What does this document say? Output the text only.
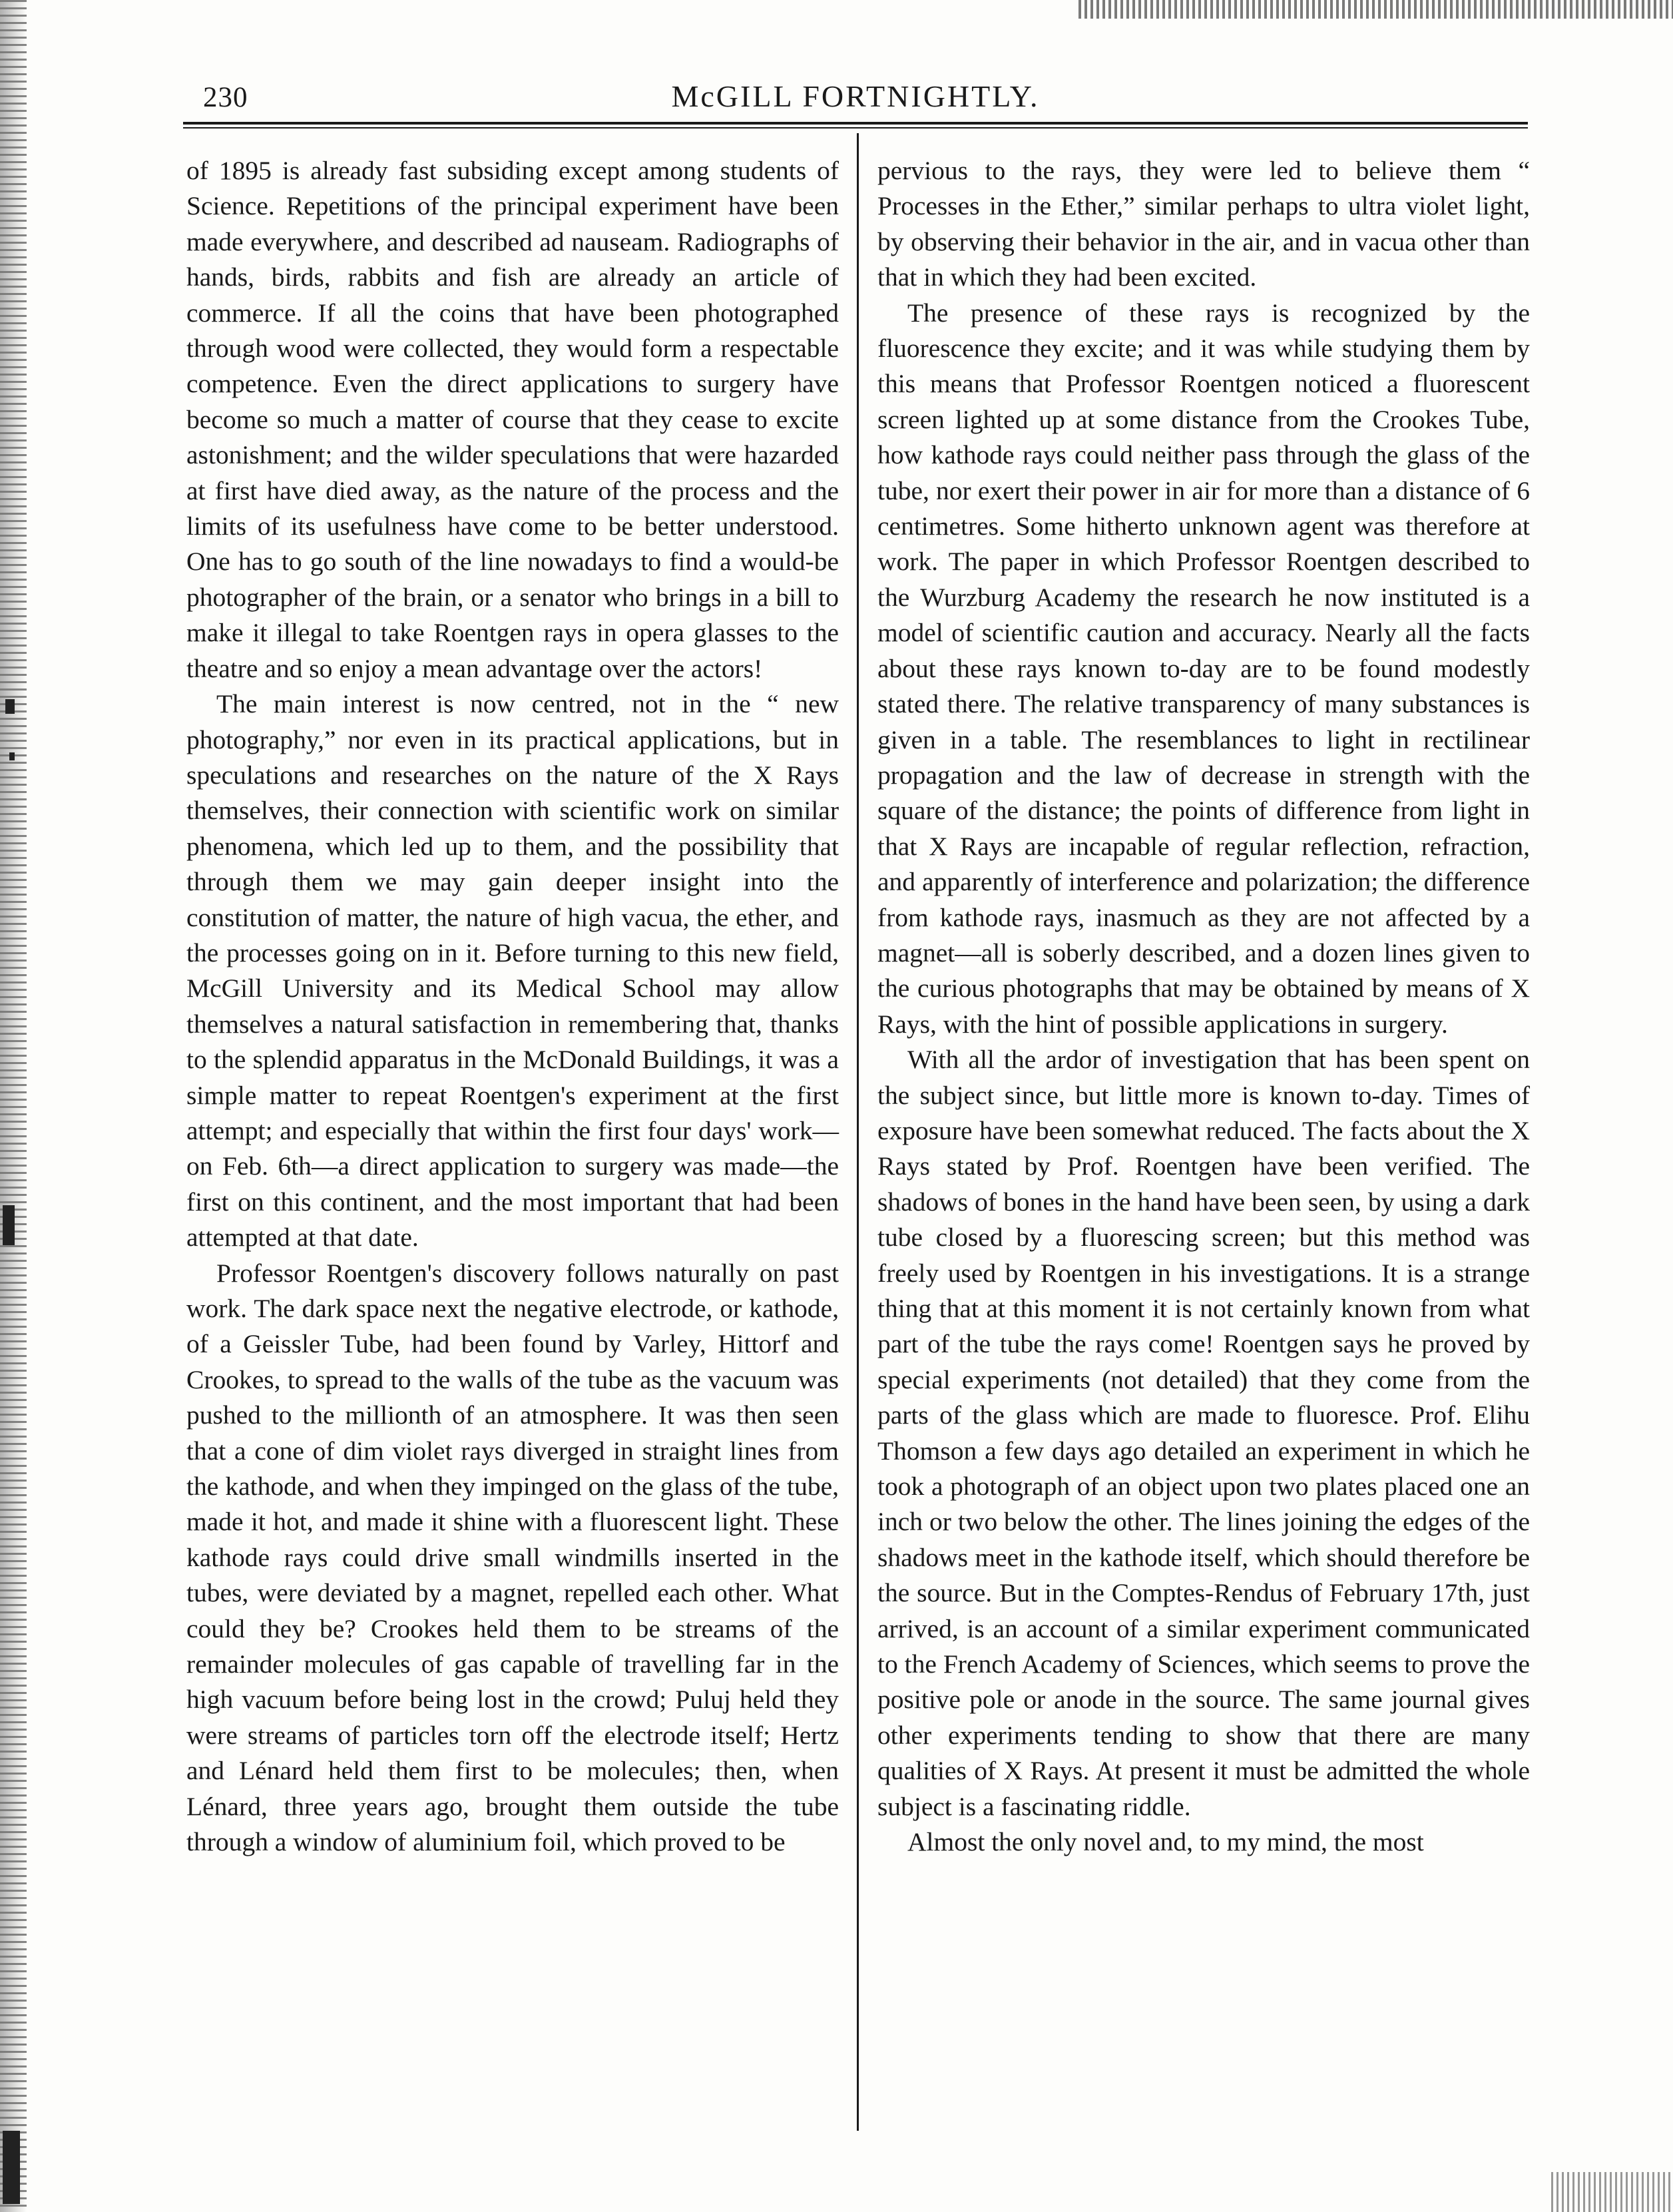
McGILL FORTNIGHTLY.
230

of 1895 is already fast subsiding except among students of Science. Repetitions of the principal experiment have been made everywhere, and described ad nauseam. Radiographs of hands, birds, rabbits and fish are already an article of commerce. If all the coins that have been photographed through wood were collected, they would form a respectable competence. Even the direct applications to surgery have become so much a matter of course that they cease to excite astonishment; and the wilder speculations that were hazarded at first have died away, as the nature of the process and the limits of its usefulness have come to be better understood. One has to go south of the line nowadays to find a would-be photographer of the brain, or a senator who brings in a bill to make it illegal to take Roentgen rays in opera glasses to the theatre and so enjoy a mean advantage over the actors!

The main interest is now centred, not in the “ new photography,” nor even in its practical applications, but in speculations and researches on the nature of the X Rays themselves, their connection with scientific work on similar phenomena, which led up to them, and the possibility that through them we may gain deeper insight into the constitution of matter, the nature of high vacua, the ether, and the processes going on in it. Before turning to this new field, McGill University and its Medical School may allow themselves a natural satisfaction in remembering that, thanks to the splendid apparatus in the McDonald Buildings, it was a simple matter to repeat Roentgen's experiment at the first attempt; and especially that within the first four days' work—on Feb. 6th—a direct application to surgery was made—the first on this continent, and the most important that had been attempted at that date.

Professor Roentgen's discovery follows naturally on past work. The dark space next the negative electrode, or kathode, of a Geissler Tube, had been found by Varley, Hittorf and Crookes, to spread to the walls of the tube as the vacuum was pushed to the millionth of an atmosphere. It was then seen that a cone of dim violet rays diverged in straight lines from the kathode, and when they impinged on the glass of the tube, made it hot, and made it shine with a fluorescent light. These kathode rays could drive small windmills inserted in the tubes, were deviated by a magnet, repelled each other. What could they be? Crookes held them to be streams of the remainder molecules of gas capable of travelling far in the high vacuum before being lost in the crowd; Puluj held they were streams of particles torn off the electrode itself; Hertz and Lénard held them first to be molecules; then, when Lénard, three years ago, brought them outside the tube through a window of aluminium foil, which proved to be

pervious to the rays, they were led to believe them “ Processes in the Ether,” similar perhaps to ultra violet light, by observing their behavior in the air, and in vacua other than that in which they had been excited.

The presence of these rays is recognized by the fluorescence they excite; and it was while studying them by this means that Professor Roentgen noticed a fluorescent screen lighted up at some distance from the Crookes Tube, how kathode rays could neither pass through the glass of the tube, nor exert their power in air for more than a distance of 6 centimetres. Some hitherto unknown agent was therefore at work. The paper in which Professor Roentgen described to the Wurzburg Academy the research he now instituted is a model of scientific caution and accuracy. Nearly all the facts about these rays known to-day are to be found modestly stated there. The relative transparency of many substances is given in a table. The resemblances to light in rectilinear propagation and the law of decrease in strength with the square of the distance; the points of difference from light in that X Rays are incapable of regular reflection, refraction, and apparently of interference and polarization; the difference from kathode rays, inasmuch as they are not affected by a magnet—all is soberly described, and a dozen lines given to the curious photographs that may be obtained by means of X Rays, with the hint of possible applications in surgery.

With all the ardor of investigation that has been spent on the subject since, but little more is known to-day. Times of exposure have been somewhat reduced. The facts about the X Rays stated by Prof. Roentgen have been verified. The shadows of bones in the hand have been seen, by using a dark tube closed by a fluorescing screen; but this method was freely used by Roentgen in his investigations. It is a strange thing that at this moment it is not certainly known from what part of the tube the rays come! Roentgen says he proved by special experiments (not detailed) that they come from the parts of the glass which are made to fluoresce. Prof. Elihu Thomson a few days ago detailed an experiment in which he took a photograph of an object upon two plates placed one an inch or two below the other. The lines joining the edges of the shadows meet in the kathode itself, which should therefore be the source. But in the Comptes-Rendus of February 17th, just arrived, is an account of a similar experiment communicated to the French Academy of Sciences, which seems to prove the positive pole or anode in the source. The same journal gives other experiments tending to show that there are many qualities of X Rays. At present it must be admitted the whole subject is a fascinating riddle.

Almost the only novel and, to my mind, the most
